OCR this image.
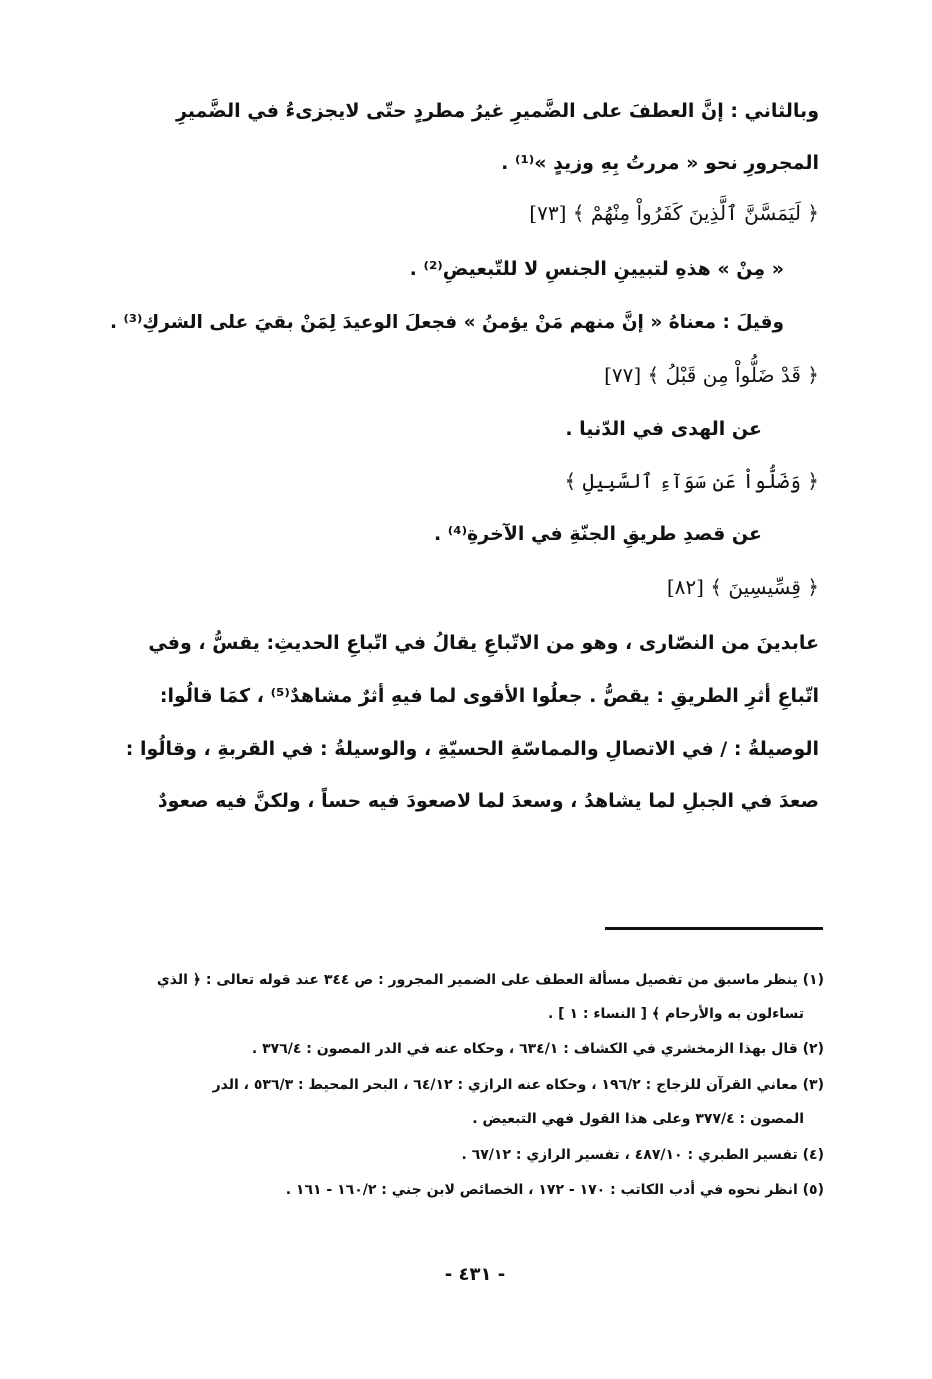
وبالثاني : إنَّ العطفَ على الضَّميرِ غيرُ مطردٍ حتّى لايجزىءُ في الضَّميرِ
المجرورِ نحو « مررتُ بِهِ وزيدٍ »⁽¹⁾ .
﴿ لَيَمَسَّنَّ ٱلَّذِينَ كَفَرُواْ مِنْهُمْ ﴾ [٧٣]
« مِنْ » هذهِ لتبيينِ الجنسِ لا للتّبعيضِ⁽²⁾ .
وقيلَ : معناهُ « إنَّ منهم مَنْ يؤمنُ » فجعلَ الوعيدَ لِمَنْ بقيَ على الشركِ⁽³⁾ .
﴿ قَدْ ضَلُّواْ مِن قَبْلُ ﴾ [٧٧]
عن الهدى في الدّنيا .
﴿ وَضَلُّواْ عَن سَوَآءِ ٱلسَّبِيلِ ﴾
عن قصدِ طريقِ الجنّةِ في الآخرةِ⁽⁴⁾ .
﴿ قِسِّيسِينَ ﴾ [٨٢]
عابدينَ من النصّارى ، وهو من الاتّباعِ يقالُ في اتّباعِ الحديثِ: يقسُّ ، وفي
اتّباعِ أثرِ الطريقِ : يقصُّ . جعلُوا الأقوى لما فيهِ أثرٌ مشاهدٌ⁽⁵⁾ ، كمَا قالُوا:
الوصيلةُ : / في الاتصالِ والمماسّةِ الحسيّةِ ، والوسيلةُ : في القربةِ ، وقالُوا :
صعدَ في الجبلِ لما يشاهدُ ، وسعدَ لما لاصعودَ فيه حساً ، ولكنَّ فيه صعودٌ
(١) ينظر ماسبق من تفصيل مسألة العطف على الضمير المجرور : ص ٣٤٤ عند قوله تعالى : ﴿ الذي
تساءلون به والأرحام ﴾ [ النساء : ١ ] .
(٢) قال بهذا الزمخشري في الكشاف : ٦٣٤/١ ، وحكاه عنه في الدر المصون : ٣٧٦/٤ .
(٣) معاني القرآن للزجاج : ١٩٦/٢ ، وحكاه عنه الرازي : ٦٤/١٢ ، البحر المحيط : ٥٣٦/٣ ، الدر
المصون : ٣٧٧/٤ وعلى هذا القول فهي التبعيض .
(٤) تفسير الطبري : ٤٨٧/١٠ ، تفسير الرازي : ٦٧/١٢ .
(٥) انظر نحوه في أدب الكاتب : ١٧٠ - ١٧٢ ، الخصائص لابن جني : ١٦٠/٢ - ١٦١ .
- ٤٣١ -
